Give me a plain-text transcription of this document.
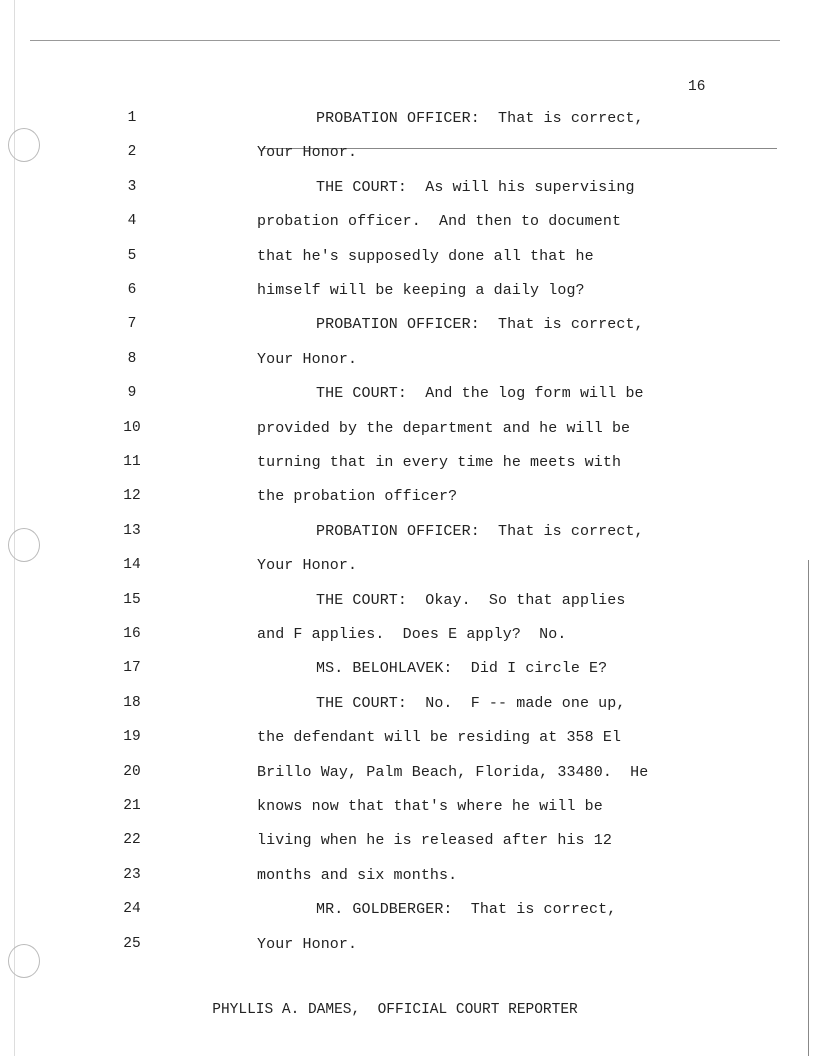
16
1	PROBATION OFFICER:  That is correct,
2	Your Honor.
3	THE COURT:  As will his supervising
4	probation officer.  And then to document
5	that he's supposedly done all that he
6	himself will be keeping a daily log?
7	PROBATION OFFICER:  That is correct,
8	Your Honor.
9	THE COURT:  And the log form will be
10	provided by the department and he will be
11	turning that in every time he meets with
12	the probation officer?
13	PROBATION OFFICER:  That is correct,
14	Your Honor.
15	THE COURT:  Okay.  So that applies
16	and F applies.  Does E apply?  No.
17	MS. BELOHLAVEK:  Did I circle E?
18	THE COURT:  No.  F -- made one up,
19	the defendant will be residing at 358 El
20	Brillo Way, Palm Beach, Florida, 33480.  He
21	knows now that that's where he will be
22	living when he is released after his 12
23	months and six months.
24	MR. GOLDBERGER:  That is correct,
25	Your Honor.
PHYLLIS A. DAMES,  OFFICIAL COURT REPORTER
